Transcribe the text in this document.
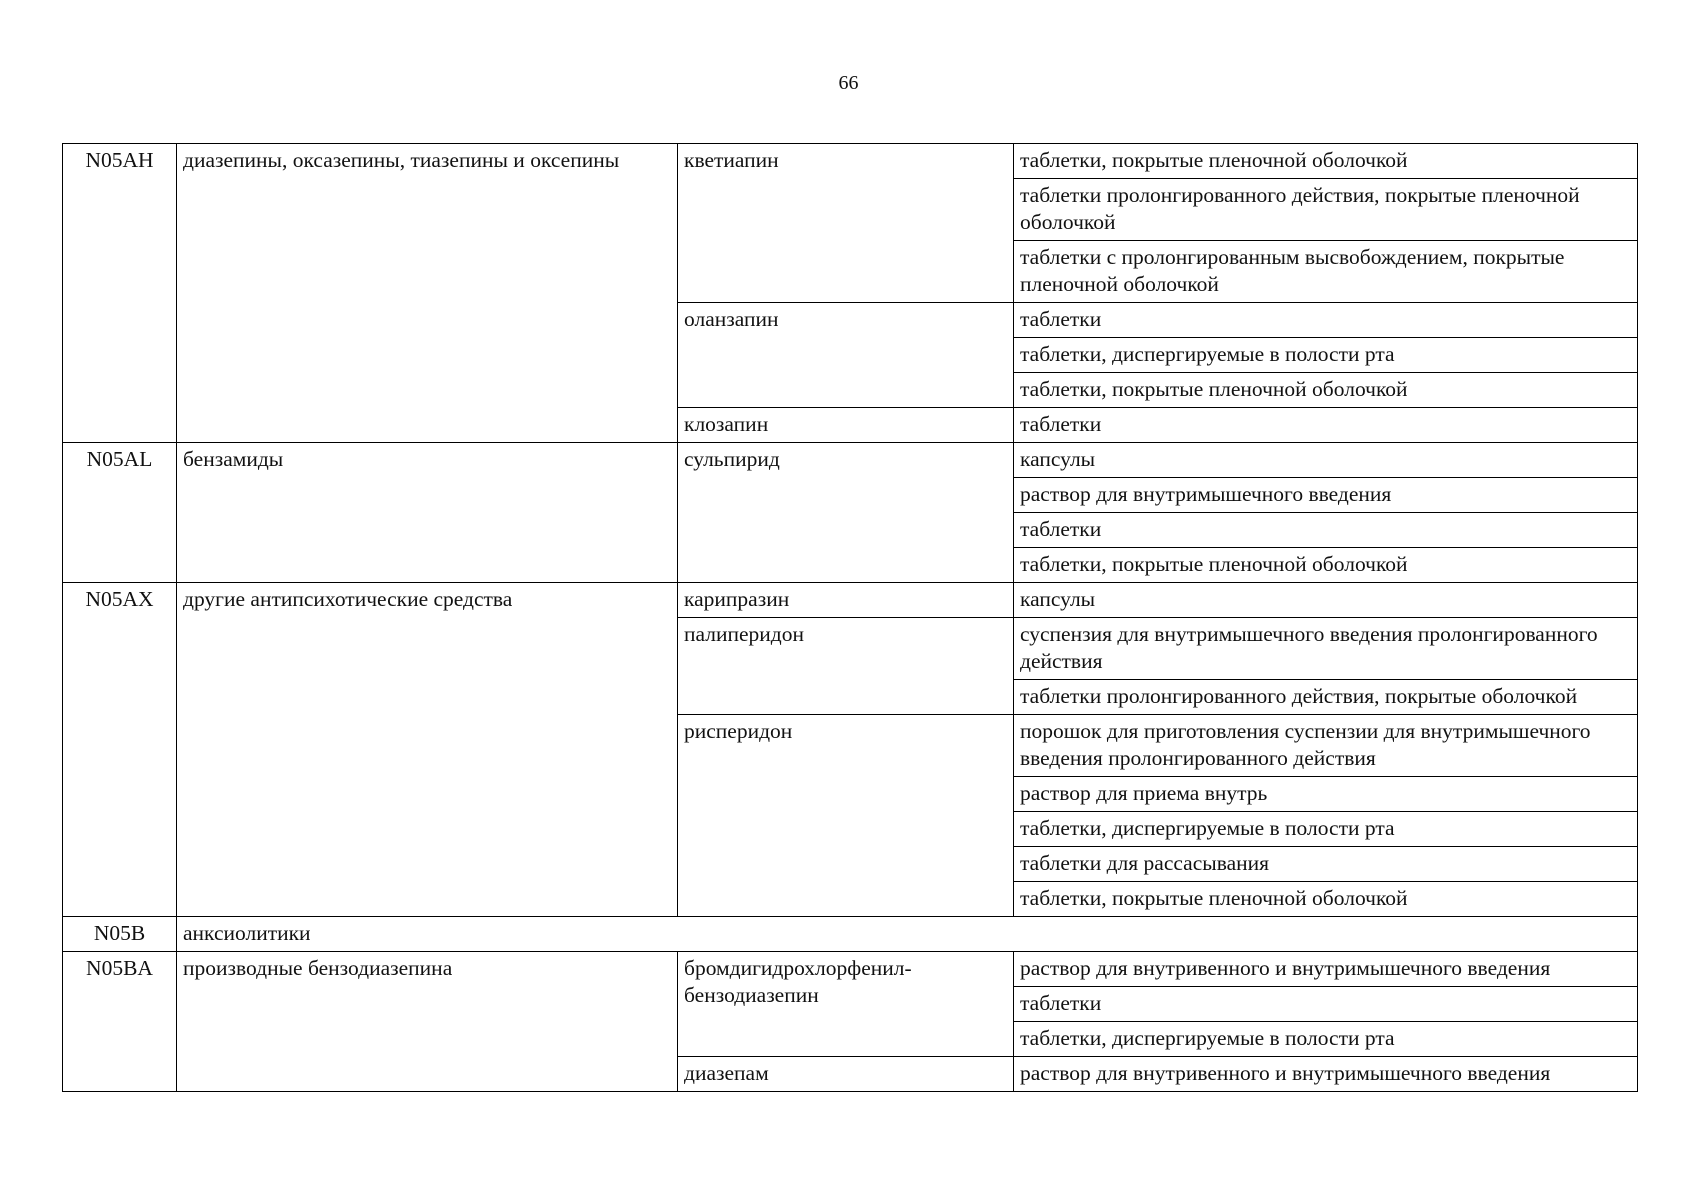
66
N05AH	диазепины, оксазепины, тиазепины и оксепины	кветиапин	таблетки, покрытые пленочной оболочкой
			таблетки пролонгированного действия, покрытые пленочной оболочкой
			таблетки с пролонгированным высвобождением, покрытые пленочной оболочкой
		оланзапин	таблетки
			таблетки, диспергируемые в полости рта
			таблетки, покрытые пленочной оболочкой
		клозапин	таблетки
N05AL	бензамиды	сульпирид	капсулы
			раствор для внутримышечного введения
			таблетки
			таблетки, покрытые пленочной оболочкой
N05AX	другие антипсихотические средства	карипразин	капсулы
		палиперидон	суспензия для внутримышечного введения пролонгированного действия
			таблетки пролонгированного действия, покрытые оболочкой
		рисперидон	порошок для приготовления суспензии для внутримышечного введения пролонгированного действия
			раствор для приема внутрь
			таблетки, диспергируемые в полости рта
			таблетки для рассасывания
			таблетки, покрытые пленочной оболочкой
N05B	анксиолитики		
N05BA	производные бензодиазепина	бромдигидрохлорфенил-бензодиазепин	раствор для внутривенного и внутримышечного введения
			таблетки
			таблетки, диспергируемые в полости рта
		диазепам	раствор для внутривенного и внутримышечного введения
